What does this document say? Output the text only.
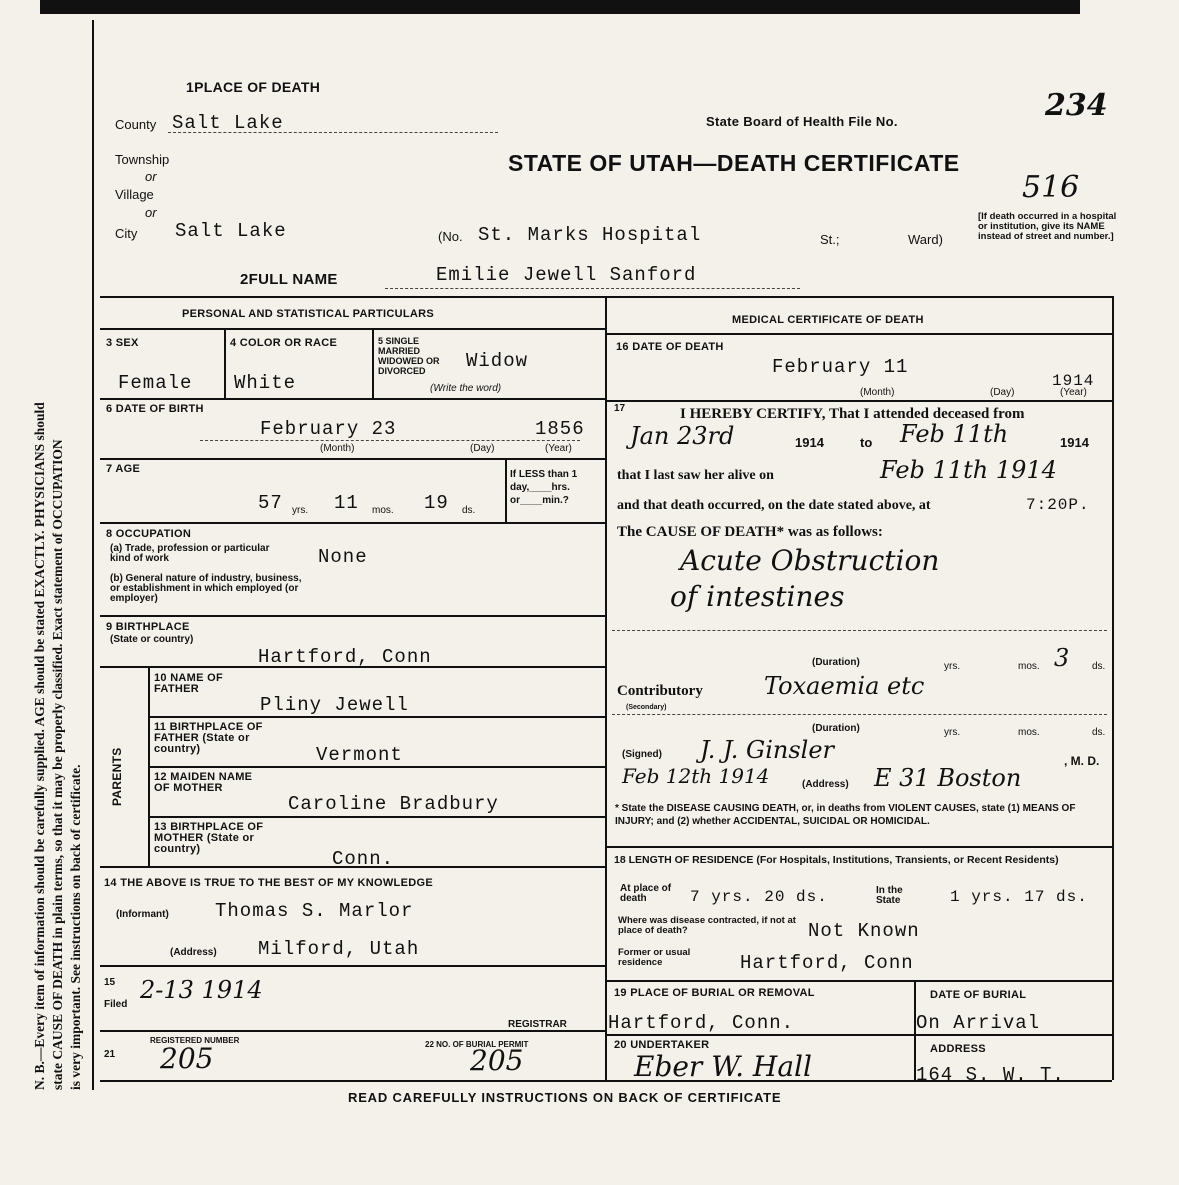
N. B.—Every item of information should be carefully supplied. AGE should be stated EXACTLY. PHYSICIANS should state CAUSE OF DEATH in plain terms, so that it may be properly classified. Exact statement of OCCUPATION is very important. See instructions on back of certificate.
1PLACE OF DEATH
County Salt Lake
Township
or
Village
or
City Salt Lake	(No. St. Marks Hospital	St.;	Ward)
State Board of Health File No.	234
STATE OF UTAH—DEATH CERTIFICATE
516
[If death occurred in a hospital or institution, give its NAME instead of street and number.]
2FULL NAME	Emilie Jewell Sanford
PERSONAL AND STATISTICAL PARTICULARS
3 SEX
Female
4 COLOR OR RACE
White
5 SINGLE MARRIED WIDOWED OR DIVORCED
(Write the word)
Widow
6 DATE OF BIRTH
February 23	1856
(Month)	(Day)	(Year)
7 AGE
57 yrs. 11 mos. 19 ds.
If LESS than 1 day,____hrs. or____min.?
8 OCCUPATION
(a) Trade, profession or particular kind of work	None
(b) General nature of industry, business, or establishment in which employed (or employer)
9 BIRTHPLACE
(State or country)
Hartford, Conn
PARENTS
10 NAME OF FATHER
Pliny Jewell
11 BIRTHPLACE OF FATHER (State or country)	Vermont
12 MAIDEN NAME OF MOTHER
Caroline Bradbury
13 BIRTHPLACE OF MOTHER (State or country)	Conn.
14 THE ABOVE IS TRUE TO THE BEST OF MY KNOWLEDGE
(Informant) Thomas S. Marlor
(Address) Milford, Utah
15 Filed
2-13 1914
REGISTRAR
REGISTERED NUMBER
21 205	22 NO. OF BURIAL PERMIT
205
MEDICAL CERTIFICATE OF DEATH
16 DATE OF DEATH
February 11
1914
(Month)	(Day)	(Year)
17	I HEREBY CERTIFY, That I attended deceased from
Jan 23rd	1914	to Feb 11th	1914
that I last saw her alive on	Feb 11th 1914
and that death occurred, on the date stated above, at	7:20P.
The CAUSE OF DEATH* was as follows:
Acute Obstruction
of intestines
(Duration)	yrs.	mos. 3 ds.
Contributory
(Secondary)
Toxaemia etc
(Duration)	yrs.	mos.	ds.
(Signed) J. J. Ginsler	, M. D.
Feb 12th 1914	(Address) E 31 Boston
* State the DISEASE CAUSING DEATH, or, in deaths from VIOLENT CAUSES, state (1) MEANS OF INJURY; and (2) whether ACCIDENTAL, SUICIDAL OR HOMICIDAL.
18 LENGTH OF RESIDENCE (For Hospitals, Institutions, Transients, or Recent Residents)
At place of death	7 yrs. 20 ds.	In the State	1 yrs. 17 ds.
Where was disease contracted, if not at place of death?	Not Known
Former or usual residence	Hartford, Conn
19 PLACE OF BURIAL OR REMOVAL
Hartford, Conn.
DATE OF BURIAL
On Arrival
20 UNDERTAKER
Eber W. Hall
ADDRESS
164 S. W. T.
READ CAREFULLY INSTRUCTIONS ON BACK OF CERTIFICATE
